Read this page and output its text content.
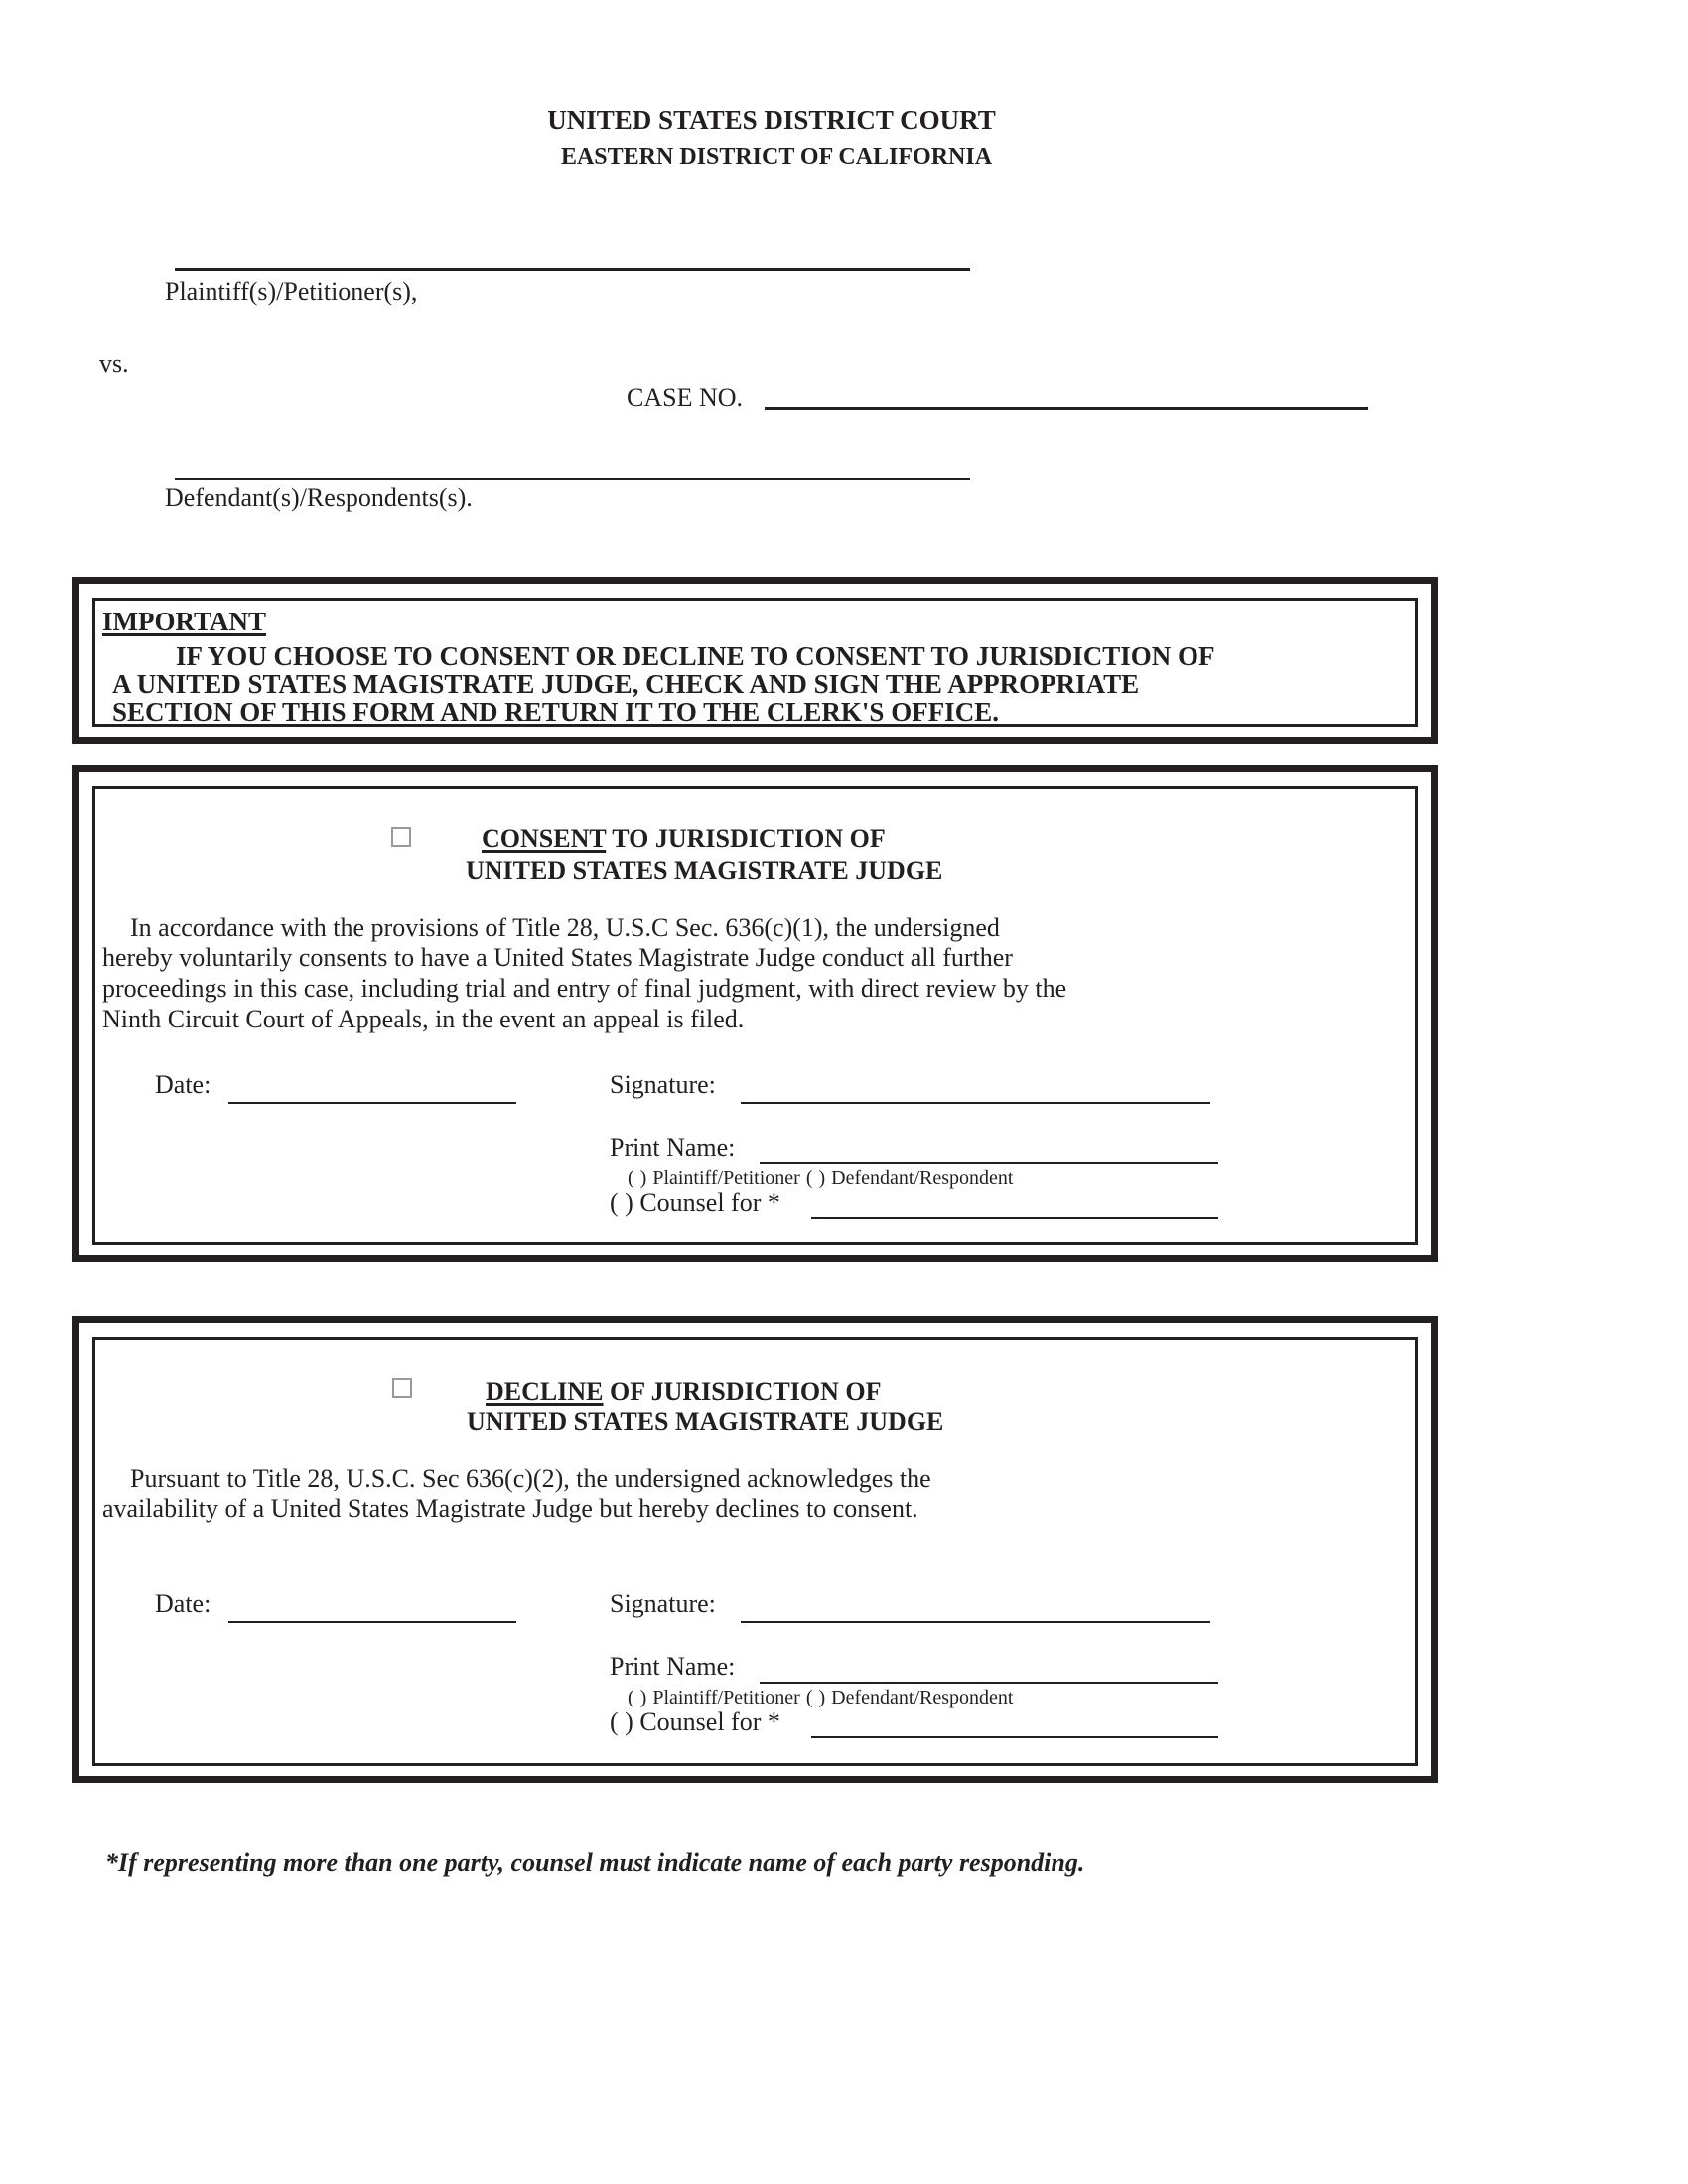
UNITED STATES DISTRICT COURT
EASTERN DISTRICT OF CALIFORNIA
Plaintiff(s)/Petitioner(s),
vs.
CASE NO.
Defendant(s)/Respondents(s).
IMPORTANT
IF YOU CHOOSE TO CONSENT OR DECLINE TO CONSENT TO JURISDICTION OF
A UNITED STATES MAGISTRATE JUDGE, CHECK AND SIGN THE APPROPRIATE
SECTION OF THIS FORM AND RETURN IT TO THE CLERK'S OFFICE.
CONSENT TO JURISDICTION OF
UNITED STATES MAGISTRATE JUDGE
In accordance with the provisions of Title 28, U.S.C Sec. 636(c)(1), the undersigned
hereby voluntarily consents to have a United States Magistrate Judge conduct all further
proceedings in this case, including trial and entry of final judgment, with direct review by the
Ninth Circuit Court of Appeals, in the event an appeal is filed.
Date:	Signature:
Print Name:
( ) Plaintiff/Petitioner ( ) Defendant/Respondent
( ) Counsel for *
DECLINE OF JURISDICTION OF
UNITED STATES MAGISTRATE JUDGE
Pursuant to Title 28, U.S.C. Sec 636(c)(2), the undersigned acknowledges the
availability of a United States Magistrate Judge but hereby declines to consent.
Date:	Signature:
Print Name:
( ) Plaintiff/Petitioner ( ) Defendant/Respondent
( ) Counsel for *
*If representing more than one party, counsel must indicate name of each party responding.
